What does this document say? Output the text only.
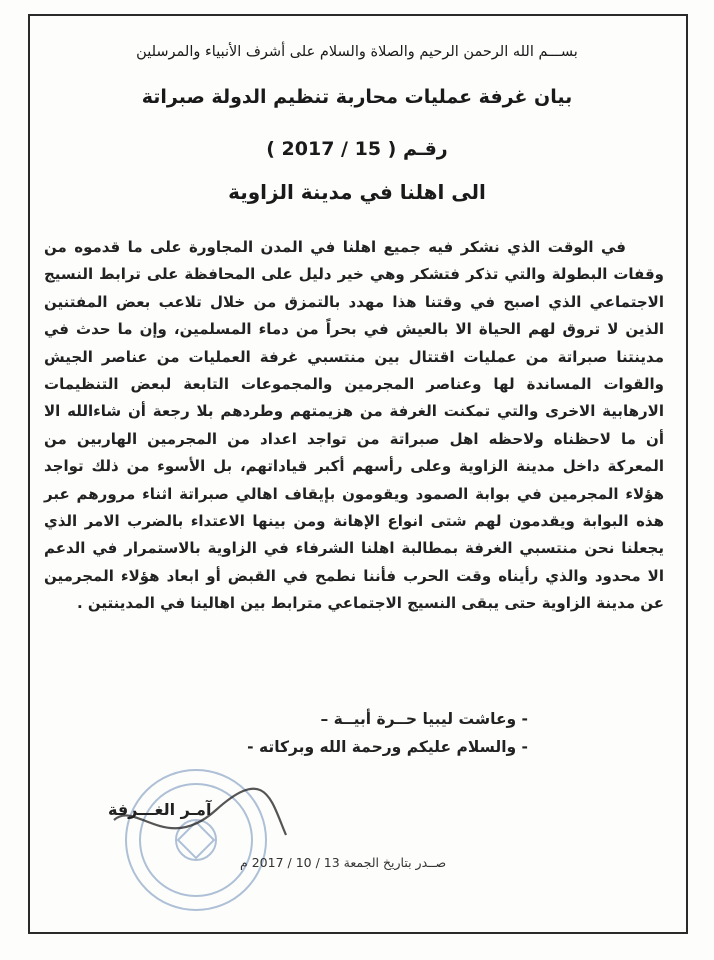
بســـم الله الرحمن الرحيم والصلاة والسلام على أشرف الأنبياء والمرسلين
بيان غرفة عمليات محاربة تنظيم الدولة صبراتة
رقـم ( 15 / 2017 )
الى اهلنا في مدينة الزاوية

في الوقت الذي نشكر فيه جميع اهلنا في المدن المجاورة على ما قدموه من وقفات البطولة والتي تذكر فتشكر وهي خير دليل على المحافظة على ترابط النسيج الاجتماعي الذي اصبح في وقتنا هذا مهدد بالتمزق من خلال تلاعب بعض المفتنين الذين لا تروق لهم الحياة الا بالعيش في بحراً من دماء المسلمين، وإن ما حدث في مدينتنا صبراتة من عمليات اقتتال بين منتسبي غرفة العمليات من عناصر الجيش والقوات المساندة لها وعناصر المجرمين والمجموعات التابعة لبعض التنظيمات الارهابية الاخرى والتي تمكنت الغرفة من هزيمتهم وطردهم بلا رجعة أن شاءالله الا أن ما لاحظناه ولاحظه اهل صبراتة من تواجد اعداد من المجرمين الهاربين من المعركة داخل مدينة الزاوية وعلى رأسهم أكبر قياداتهم، بل الأسوء من ذلك تواجد هؤلاء المجرمين في بوابة الصمود ويقومون بإيقاف اهالي صبراتة اثناء مرورهم عبر هذه البوابة ويقدمون لهم شتى انواع الإهانة ومن بينها الاعتداء بالضرب الامر الذي يجعلنا نحن منتسبي الغرفة بمطالبة اهلنا الشرفاء في الزاوية بالاستمرار في الدعم الا محدود والذي رأيناه وقت الحرب فأننا نطمح في القبض أو ابعاد هؤلاء المجرمين عن مدينة الزاوية حتى يبقى النسيج الاجتماعي مترابط بين اهالينا في المدينتين .

- وعاشت ليبيا حــرة أبيــة –
- والسلام عليكم ورحمة الله وبركاته -
آمـر الغـــرفة
صــدر بتاريخ الجمعة 13 / 10 / 2017 م
